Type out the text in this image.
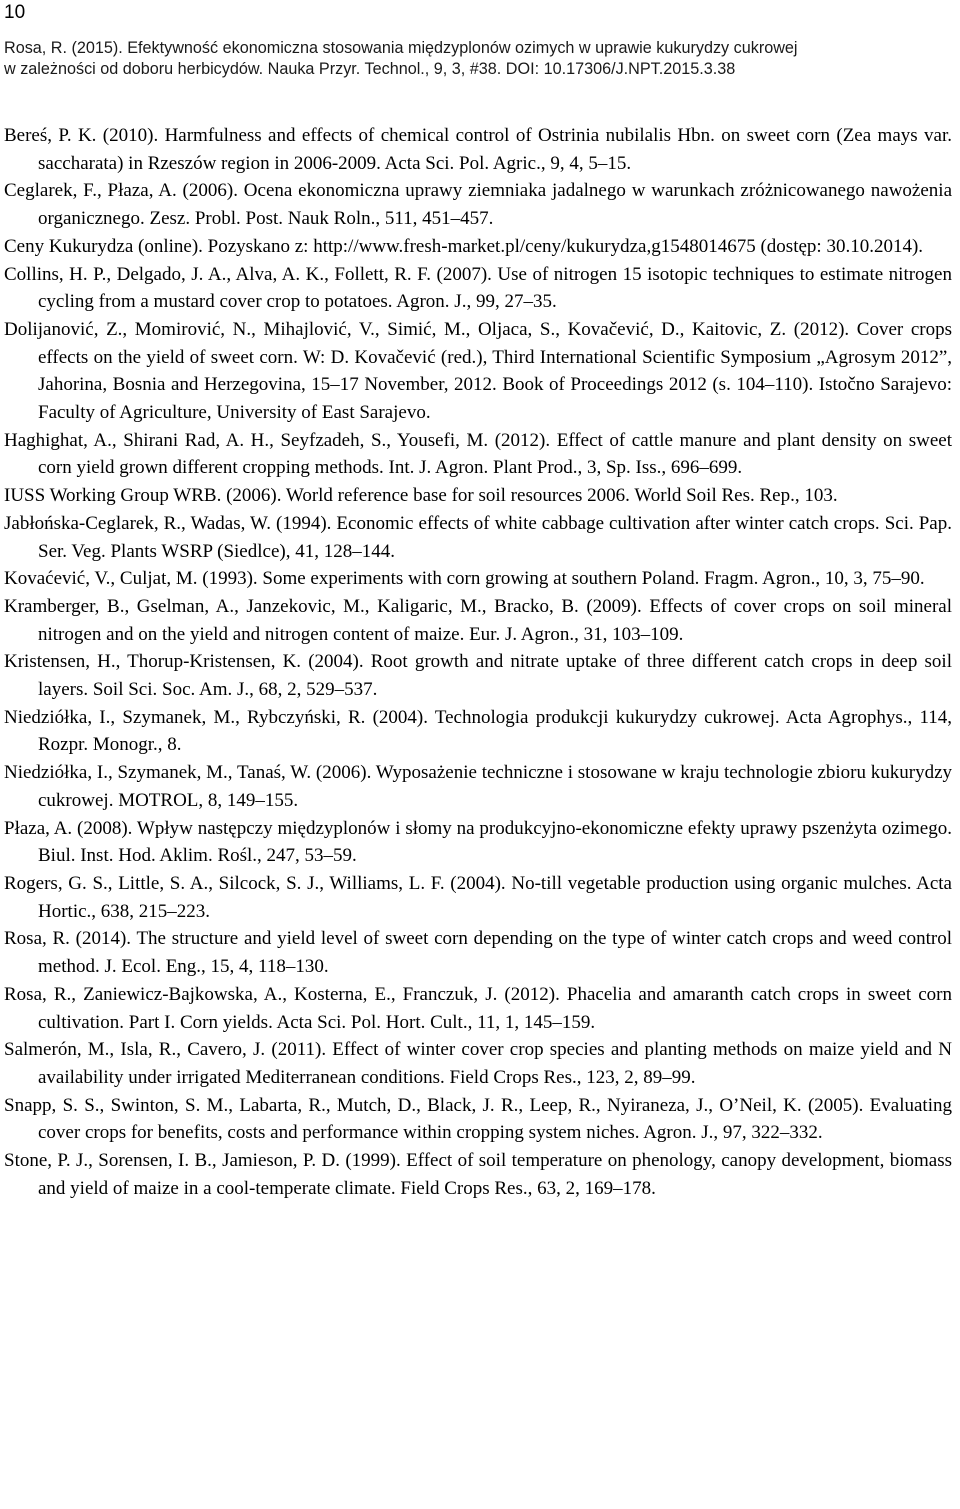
10
Rosa, R. (2015). Efektywność ekonomiczna stosowania międzyplonów ozimych w uprawie kukurydzy cukrowej
w zależności od doboru herbicydów. Nauka Przyr. Technol., 9, 3, #38. DOI: 10.17306/J.NPT.2015.3.38

Bereś, P. K. (2010). Harmfulness and effects of chemical control of Ostrinia nubilalis Hbn. on sweet corn (Zea mays var. saccharata) in Rzeszów region in 2006-2009. Acta Sci. Pol. Agric., 9, 4, 5–15.

Ceglarek, F., Płaza, A. (2006). Ocena ekonomiczna uprawy ziemniaka jadalnego w warunkach zróżnicowanego nawożenia organicznego. Zesz. Probl. Post. Nauk Roln., 511, 451–457.

Ceny Kukurydza (online). Pozyskano z: http://www.fresh-market.pl/ceny/kukurydza,g1548014675 (dostęp: 30.10.2014).

Collins, H. P., Delgado, J. A., Alva, A. K., Follett, R. F. (2007). Use of nitrogen 15 isotopic techniques to estimate nitrogen cycling from a mustard cover crop to potatoes. Agron. J., 99, 27–35.

Dolijanović, Z., Momirović, N., Mihajlović, V., Simić, M., Oljaca, S., Kovačević, D., Kaitovic, Z. (2012). Cover crops effects on the yield of sweet corn. W: D. Kovačević (red.), Third International Scientific Symposium „Agrosym 2012”, Jahorina, Bosnia and Herzegovina, 15–17 November, 2012. Book of Proceedings 2012 (s. 104–110). Istočno Sarajevo: Faculty of Agriculture, University of East Sarajevo.

Haghighat, A., Shirani Rad, A. H., Seyfzadeh, S., Yousefi, M. (2012). Effect of cattle manure and plant density on sweet corn yield grown different cropping methods. Int. J. Agron. Plant Prod., 3, Sp. Iss., 696–699.

IUSS Working Group WRB. (2006). World reference base for soil resources 2006. World Soil Res. Rep., 103.

Jabłońska-Ceglarek, R., Wadas, W. (1994). Economic effects of white cabbage cultivation after winter catch crops. Sci. Pap. Ser. Veg. Plants WSRP (Siedlce), 41, 128–144.

Kovaćević, V., Culjat, M. (1993). Some experiments with corn growing at southern Poland. Fragm. Agron., 10, 3, 75–90.

Kramberger, B., Gselman, A., Janzekovic, M., Kaligaric, M., Bracko, B. (2009). Effects of cover crops on soil mineral nitrogen and on the yield and nitrogen content of maize. Eur. J. Agron., 31, 103–109.

Kristensen, H., Thorup-Kristensen, K. (2004). Root growth and nitrate uptake of three different catch crops in deep soil layers. Soil Sci. Soc. Am. J., 68, 2, 529–537.

Niedziółka, I., Szymanek, M., Rybczyński, R. (2004). Technologia produkcji kukurydzy cukrowej. Acta Agrophys., 114, Rozpr. Monogr., 8.

Niedziółka, I., Szymanek, M., Tanaś, W. (2006). Wyposażenie techniczne i stosowane w kraju technologie zbioru kukurydzy cukrowej. MOTROL, 8, 149–155.

Płaza, A. (2008). Wpływ następczy międzyplonów i słomy na produkcyjno-ekonomiczne efekty uprawy pszenżyta ozimego. Biul. Inst. Hod. Aklim. Rośl., 247, 53–59.

Rogers, G. S., Little, S. A., Silcock, S. J., Williams, L. F. (2004). No-till vegetable production using organic mulches. Acta Hortic., 638, 215–223.

Rosa, R. (2014). The structure and yield level of sweet corn depending on the type of winter catch crops and weed control method. J. Ecol. Eng., 15, 4, 118–130.

Rosa, R., Zaniewicz-Bajkowska, A., Kosterna, E., Franczuk, J. (2012). Phacelia and amaranth catch crops in sweet corn cultivation. Part I. Corn yields. Acta Sci. Pol. Hort. Cult., 11, 1, 145–159.

Salmerón, M., Isla, R., Cavero, J. (2011). Effect of winter cover crop species and planting methods on maize yield and N availability under irrigated Mediterranean conditions. Field Crops Res., 123, 2, 89–99.

Snapp, S. S., Swinton, S. M., Labarta, R., Mutch, D., Black, J. R., Leep, R., Nyiraneza, J., O’Neil, K. (2005). Evaluating cover crops for benefits, costs and performance within cropping system niches. Agron. J., 97, 322–332.

Stone, P. J., Sorensen, I. B., Jamieson, P. D. (1999). Effect of soil temperature on phenology, canopy development, biomass and yield of maize in a cool-temperate climate. Field Crops Res., 63, 2, 169–178.
